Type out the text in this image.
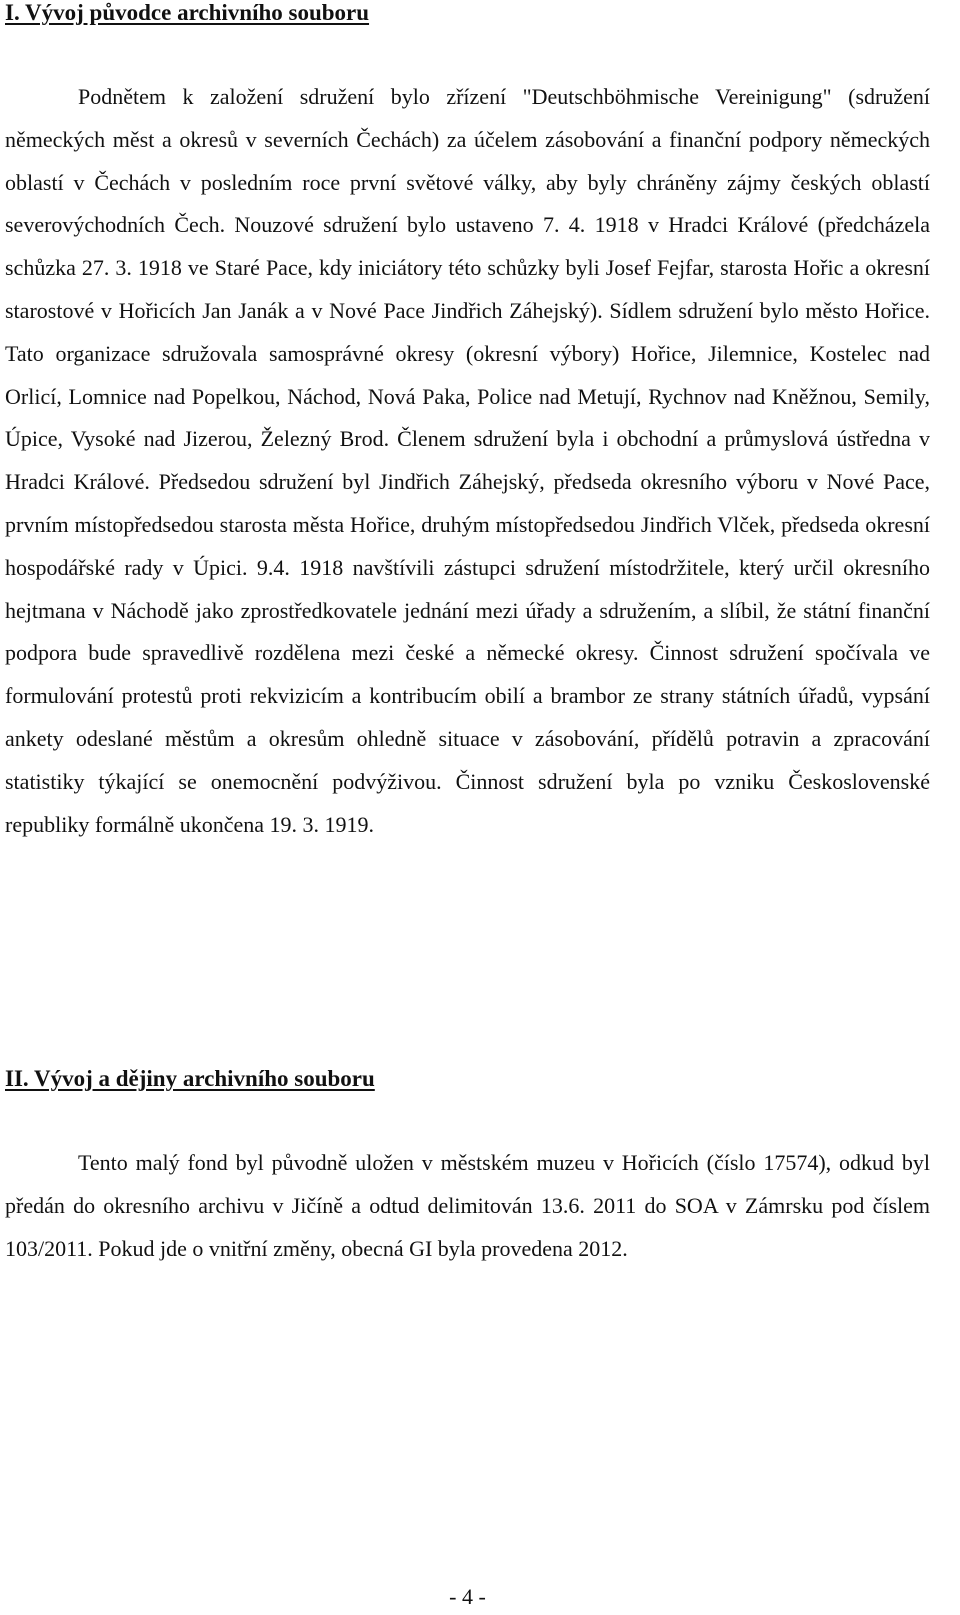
I. Vývoj původce archivního souboru

Podnětem k založení sdružení bylo zřízení "Deutschböhmische Vereinigung" (sdružení německých měst a okresů v severních Čechách) za účelem zásobování a finanční podpory německých oblastí v Čechách v posledním roce první světové války, aby byly chráněny zájmy českých oblastí severovýchodních Čech. Nouzové sdružení bylo ustaveno 7. 4. 1918 v Hradci Králové (předcházela schůzka 27. 3. 1918 ve Staré Pace, kdy iniciátory této schůzky byli Josef Fejfar, starosta Hořic a okresní starostové v Hořicích Jan Janák a v Nové Pace Jindřich Záhejský). Sídlem sdružení bylo město Hořice. Tato organizace sdružovala samosprávné okresy (okresní výbory) Hořice, Jilemnice, Kostelec nad Orlicí, Lomnice nad Popelkou, Náchod, Nová Paka, Police nad Metují, Rychnov nad Kněžnou, Semily, Úpice, Vysoké nad Jizerou, Železný Brod. Členem sdružení byla i obchodní a průmyslová ústředna v Hradci Králové. Předsedou sdružení byl Jindřich Záhejský, předseda okresního výboru v Nové Pace, prvním místopředsedou starosta města Hořice, druhým místopředsedou Jindřich Vlček, předseda okresní hospodářské rady v Úpici. 9.4. 1918 navštívili zástupci sdružení místodržitele, který určil okresního hejtmana v Náchodě jako zprostředkovatele jednání mezi úřady a sdružením, a slíbil, že státní finanční podpora bude spravedlivě rozdělena mezi české a německé okresy. Činnost sdružení spočívala ve formulování protestů proti rekvizicím a kontribucím obilí a brambor ze strany státních úřadů, vypsání ankety odeslané městům a okresům ohledně situace v zásobování, přídělů potravin a zpracování statistiky týkající se onemocnění podvýživou. Činnost sdružení byla po vzniku Československé republiky formálně ukončena 19. 3. 1919.

II. Vývoj a dějiny archivního souboru

Tento malý fond byl původně uložen v městském muzeu v Hořicích (číslo 17574), odkud byl předán do okresního archivu v Jičíně a odtud delimitován 13.6. 2011 do SOA v Zámrsku pod číslem 103/2011. Pokud jde o vnitřní změny, obecná GI byla provedena 2012.

- 4 -
